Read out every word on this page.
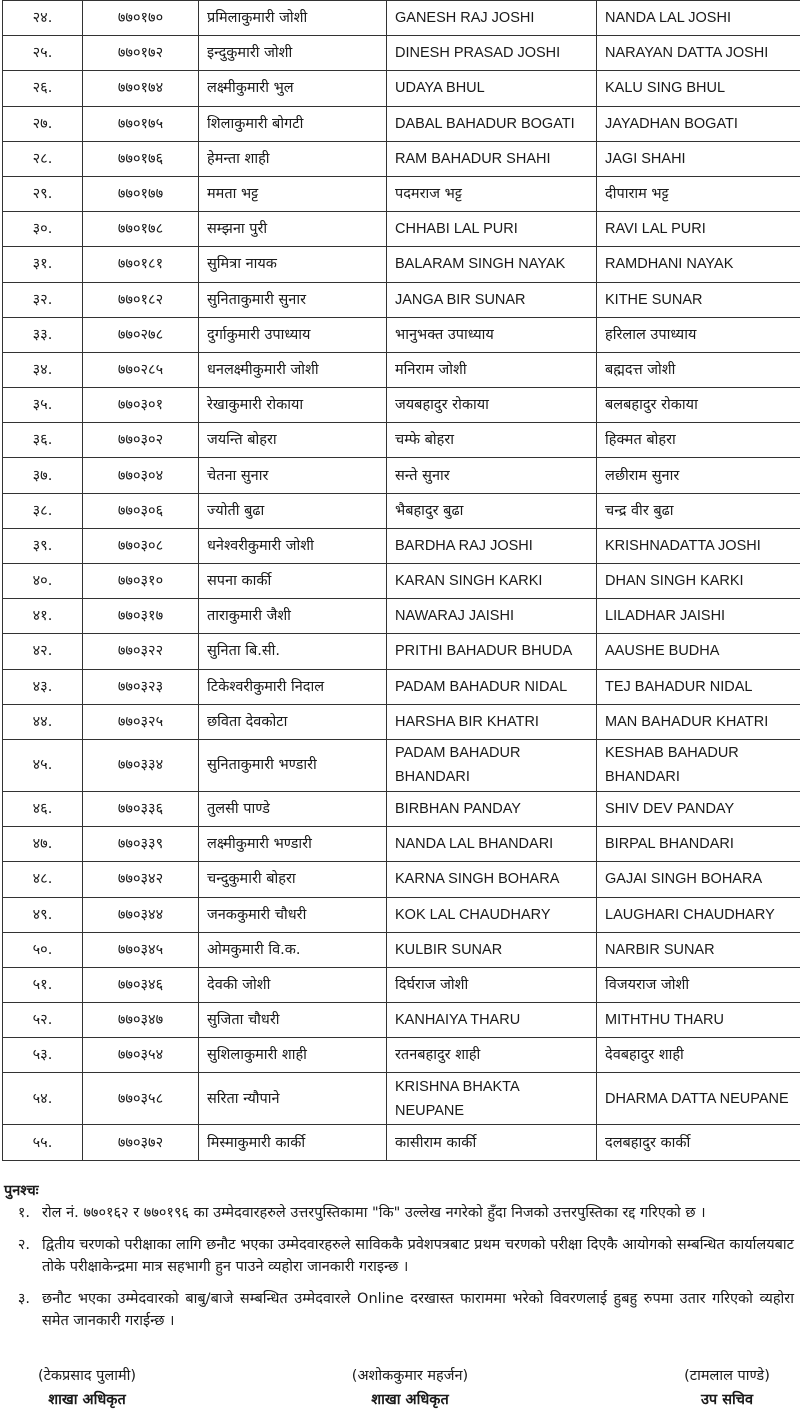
२४.	७७०१७०	प्रमिलाकुमारी जोशी	GANESH RAJ JOSHI	NANDA LAL JOSHI
२५.	७७०१७२	इन्दुकुमारी जोशी	DINESH PRASAD JOSHI	NARAYAN DATTA JOSHI
२६.	७७०१७४	लक्ष्मीकुमारी भुल	UDAYA BHUL	KALU SING BHUL
२७.	७७०१७५	शिलाकुमारी बोगटी	DABAL BAHADUR BOGATI	JAYADHAN BOGATI
२८.	७७०१७६	हेमन्ता शाही	RAM BAHADUR SHAHI	JAGI SHAHI
२९.	७७०१७७	ममता भट्ट	पदमराज भट्ट	दीपाराम भट्ट
३०.	७७०१७८	सम्झना पुरी	CHHABI LAL PURI	RAVI LAL PURI
३१.	७७०१८१	सुमित्रा नायक	BALARAM SINGH NAYAK	RAMDHANI NAYAK
३२.	७७०१८२	सुनिताकुमारी सुनार	JANGA BIR SUNAR	KITHE SUNAR
३३.	७७०२७८	दुर्गाकुमारी उपाध्याय	भानुभक्त उपाध्याय	हरिलाल उपाध्याय
३४.	७७०२८५	धनलक्ष्मीकुमारी जोशी	मनिराम जोशी	बह्मदत्त जोशी
३५.	७७०३०१	रेखाकुमारी रोकाया	जयबहादुर रोकाया	बलबहादुर रोकाया
३६.	७७०३०२	जयन्ति बोहरा	चम्फे बोहरा	हिक्मत बोहरा
३७.	७७०३०४	चेतना सुनार	सन्ते सुनार	लछीराम सुनार
३८.	७७०३०६	ज्योती बुढा	भैबहादुर बुढा	चन्द्र वीर बुढा
३९.	७७०३०८	धनेश्वरीकुमारी जोशी	BARDHA RAJ JOSHI	KRISHNADATTA JOSHI
४०.	७७०३१०	सपना कार्की	KARAN SINGH KARKI	DHAN SINGH KARKI
४१.	७७०३१७	ताराकुमारी जैशी	NAWARAJ JAISHI	LILADHAR JAISHI
४२.	७७०३२२	सुनिता बि.सी.	PRITHI BAHADUR BHUDA	AAUSHE BUDHA
४३.	७७०३२३	टिकेश्वरीकुमारी निदाल	PADAM BAHADUR NIDAL	TEJ BAHADUR NIDAL
४४.	७७०३२५	छविता देवकोटा	HARSHA BIR KHATRI	MAN BAHADUR KHATRI
४५.	७७०३३४	सुनिताकुमारी भण्डारी	PADAM BAHADUR BHANDARI	KESHAB BAHADUR BHANDARI
४६.	७७०३३६	तुलसी पाण्डे	BIRBHAN PANDAY	SHIV DEV PANDAY
४७.	७७०३३९	लक्ष्मीकुमारी भण्डारी	NANDA LAL BHANDARI	BIRPAL BHANDARI
४८.	७७०३४२	चन्दुकुमारी बोहरा	KARNA SINGH BOHARA	GAJAI SINGH BOHARA
४९.	७७०३४४	जनककुमारी चौधरी	KOK LAL CHAUDHARY	LAUGHARI CHAUDHARY
५०.	७७०३४५	ओमकुमारी वि.क.	KULBIR SUNAR	NARBIR SUNAR
५१.	७७०३४६	देवकी जोशी	दिर्घराज जोशी	विजयराज जोशी
५२.	७७०३४७	सुजिता चौधरी	KANHAIYA THARU	MITHTHU THARU
५३.	७७०३५४	सुशिलाकुमारी शाही	रतनबहादुर शाही	देवबहादुर शाही
५४.	७७०३५८	सरिता न्यौपाने	KRISHNA BHAKTA NEUPANE	DHARMA DATTA NEUPANE
५५.	७७०३७२	मिस्माकुमारी कार्की	कासीराम कार्की	दलबहादुर कार्की
पुनश्चः
१. रोल नं. ७७०१६२ र ७७०१९६ का उम्मेदवारहरुले उत्तरपुस्तिकामा "कि" उल्लेख नगरेको हुँदा निजको उत्तरपुस्तिका रद्द गरिएको छ ।
२. द्वितीय चरणको परीक्षाका लागि छनौट भएका उम्मेदवारहरुले साविककै प्रवेशपत्रबाट प्रथम चरणको परीक्षा दिएकै आयोगको सम्बन्धित कार्यालयबाट तोके परीक्षाकेन्द्रमा मात्र सहभागी हुन पाउने व्यहोरा जानकारी गराइन्छ ।
३. छनौट भएका उम्मेदवारको बाबु/बाजे सम्बन्धित उम्मेदवारले Online दरखास्त फाराममा भरेको विवरणलाई हुबहु रुपमा उतार गरिएको व्यहोरा समेत जानकारी गराईन्छ ।
(टेकप्रसाद पुलामी)
शाखा अधिकृत
(अशोककुमार महर्जन)
शाखा अधिकृत
(टामलाल पाण्डे)
उप सचिव
